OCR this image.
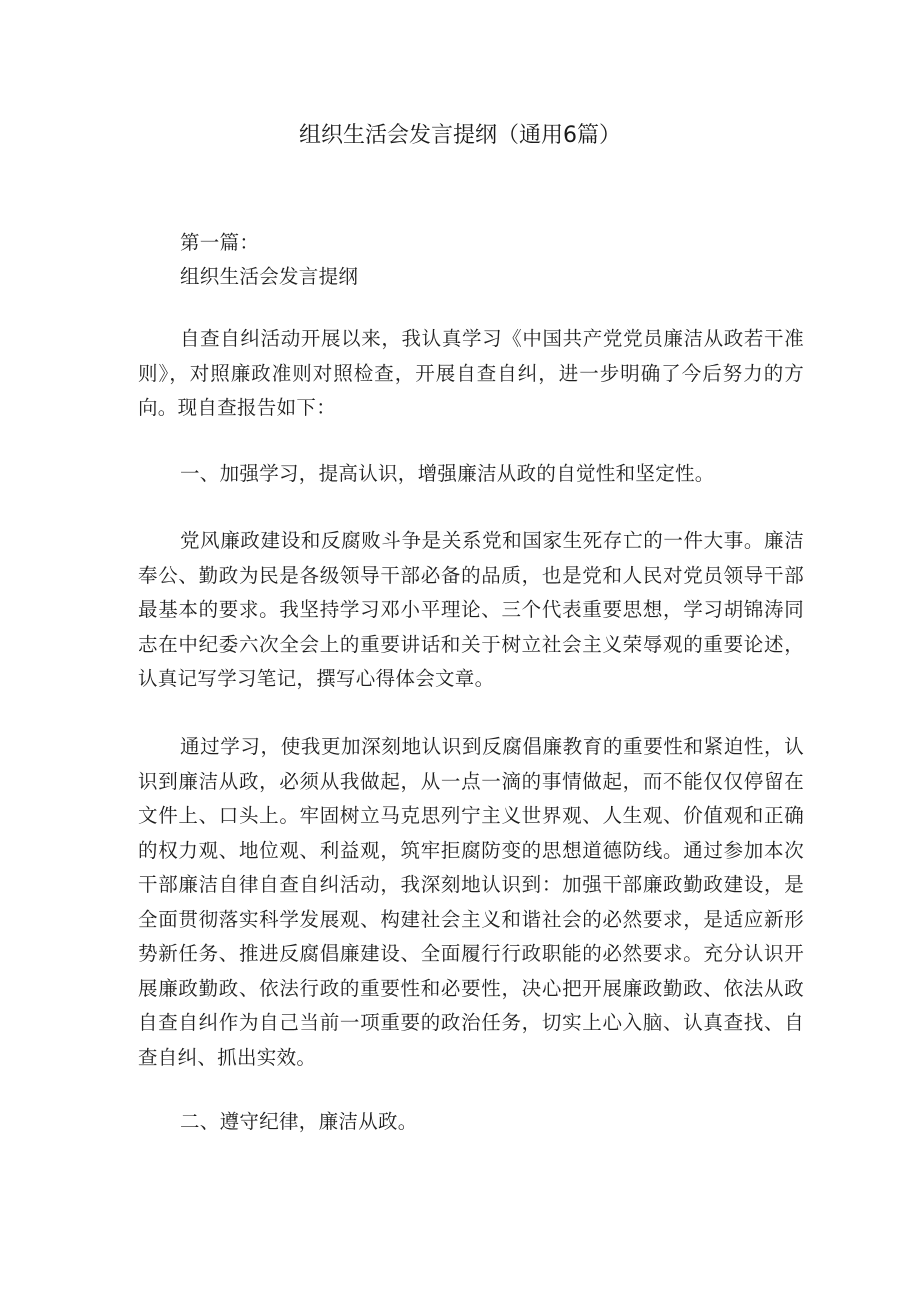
组织生活会发言提纲（通用6篇）

第一篇：

组织生活会发言提纲

自查自纠活动开展以来，我认真学习《中国共产党党员廉洁从政若干准则》，对照廉政准则对照检查，开展自查自纠，进一步明确了今后努力的方向。现自查报告如下：

一、加强学习，提高认识，增强廉洁从政的自觉性和坚定性。

党风廉政建设和反腐败斗争是关系党和国家生死存亡的一件大事。廉洁奉公、勤政为民是各级领导干部必备的品质，也是党和人民对党员领导干部最基本的要求。我坚持学习邓小平理论、三个代表重要思想，学习胡锦涛同志在中纪委六次全会上的重要讲话和关于树立社会主义荣辱观的重要论述，认真记写学习笔记，撰写心得体会文章。

通过学习，使我更加深刻地认识到反腐倡廉教育的重要性和紧迫性，认识到廉洁从政，必须从我做起，从一点一滴的事情做起，而不能仅仅停留在文件上、口头上。牢固树立马克思列宁主义世界观、人生观、价值观和正确的权力观、地位观、利益观，筑牢拒腐防变的思想道德防线。通过参加本次干部廉洁自律自查自纠活动，我深刻地认识到：加强干部廉政勤政建设，是全面贯彻落实科学发展观、构建社会主义和谐社会的必然要求，是适应新形势新任务、推进反腐倡廉建设、全面履行行政职能的必然要求。充分认识开展廉政勤政、依法行政的重要性和必要性，决心把开展廉政勤政、依法从政自查自纠作为自己当前一项重要的政治任务，切实上心入脑、认真查找、自查自纠、抓出实效。

二、遵守纪律，廉洁从政。
